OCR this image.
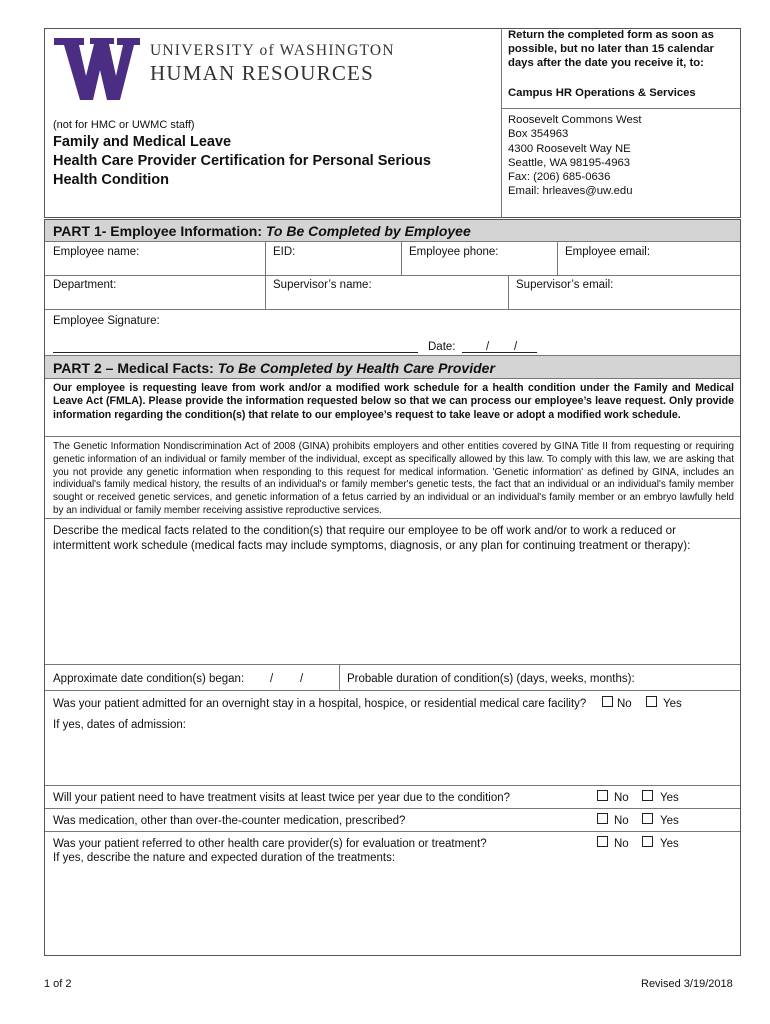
UNIVERSITY of WASHINGTON
HUMAN RESOURCES
(not for HMC or UWMC staff)
Family and Medical Leave
Health Care Provider Certification for Personal Serious
Health Condition
Return the completed form as soon as possible, but no later than 15 calendar days after the date you receive it, to:
Campus HR Operations & Services
Roosevelt Commons West
Box 354963
4300 Roosevelt Way NE
Seattle, WA 98195-4963
Fax: (206) 685-0636
Email: hrleaves@uw.edu
PART 1- Employee Information: To Be Completed by Employee
Employee name:	EID:	Employee phone:	Employee email:
Department:	Supervisor’s name:	Supervisor’s email:
Employee Signature:
Date:	/ /
PART 2 – Medical Facts: To Be Completed by Health Care Provider
Our employee is requesting leave from work and/or a modified work schedule for a health condition under the Family and Medical Leave Act (FMLA). Please provide the information requested below so that we can process our employee’s leave request. Only provide information regarding the condition(s) that relate to our employee’s request to take leave or adopt a modified work schedule.
The Genetic Information Nondiscrimination Act of 2008 (GINA) prohibits employers and other entities covered by GINA Title II from requesting or requiring genetic information of an individual or family member of the individual, except as specifically allowed by this law. To comply with this law, we are asking that you not provide any genetic information when responding to this request for medical information. 'Genetic information' as defined by GINA, includes an individual's family medical history, the results of an individual's or family member's genetic tests, the fact that an individual or an individual's family member sought or received genetic services, and genetic information of a fetus carried by an individual or an individual's family member or an embryo lawfully held by an individual or family member receiving assistive reproductive services.
Describe the medical facts related to the condition(s) that require our employee to be off work and/or to work a reduced or intermittent work schedule (medical facts may include symptoms, diagnosis, or any plan for continuing treatment or therapy):
Approximate date condition(s) began: / /	Probable duration of condition(s) (days, weeks, months):
Was your patient admitted for an overnight stay in a hospital, hospice, or residential medical care facility?	No	Yes
If yes, dates of admission:
Will your patient need to have treatment visits at least twice per year due to the condition?	No	Yes
Was medication, other than over-the-counter medication, prescribed?	No	Yes
Was your patient referred to other health care provider(s) for evaluation or treatment?
If yes, describe the nature and expected duration of the treatments:
No	Yes
1 of 2	Revised 3/19/2018
